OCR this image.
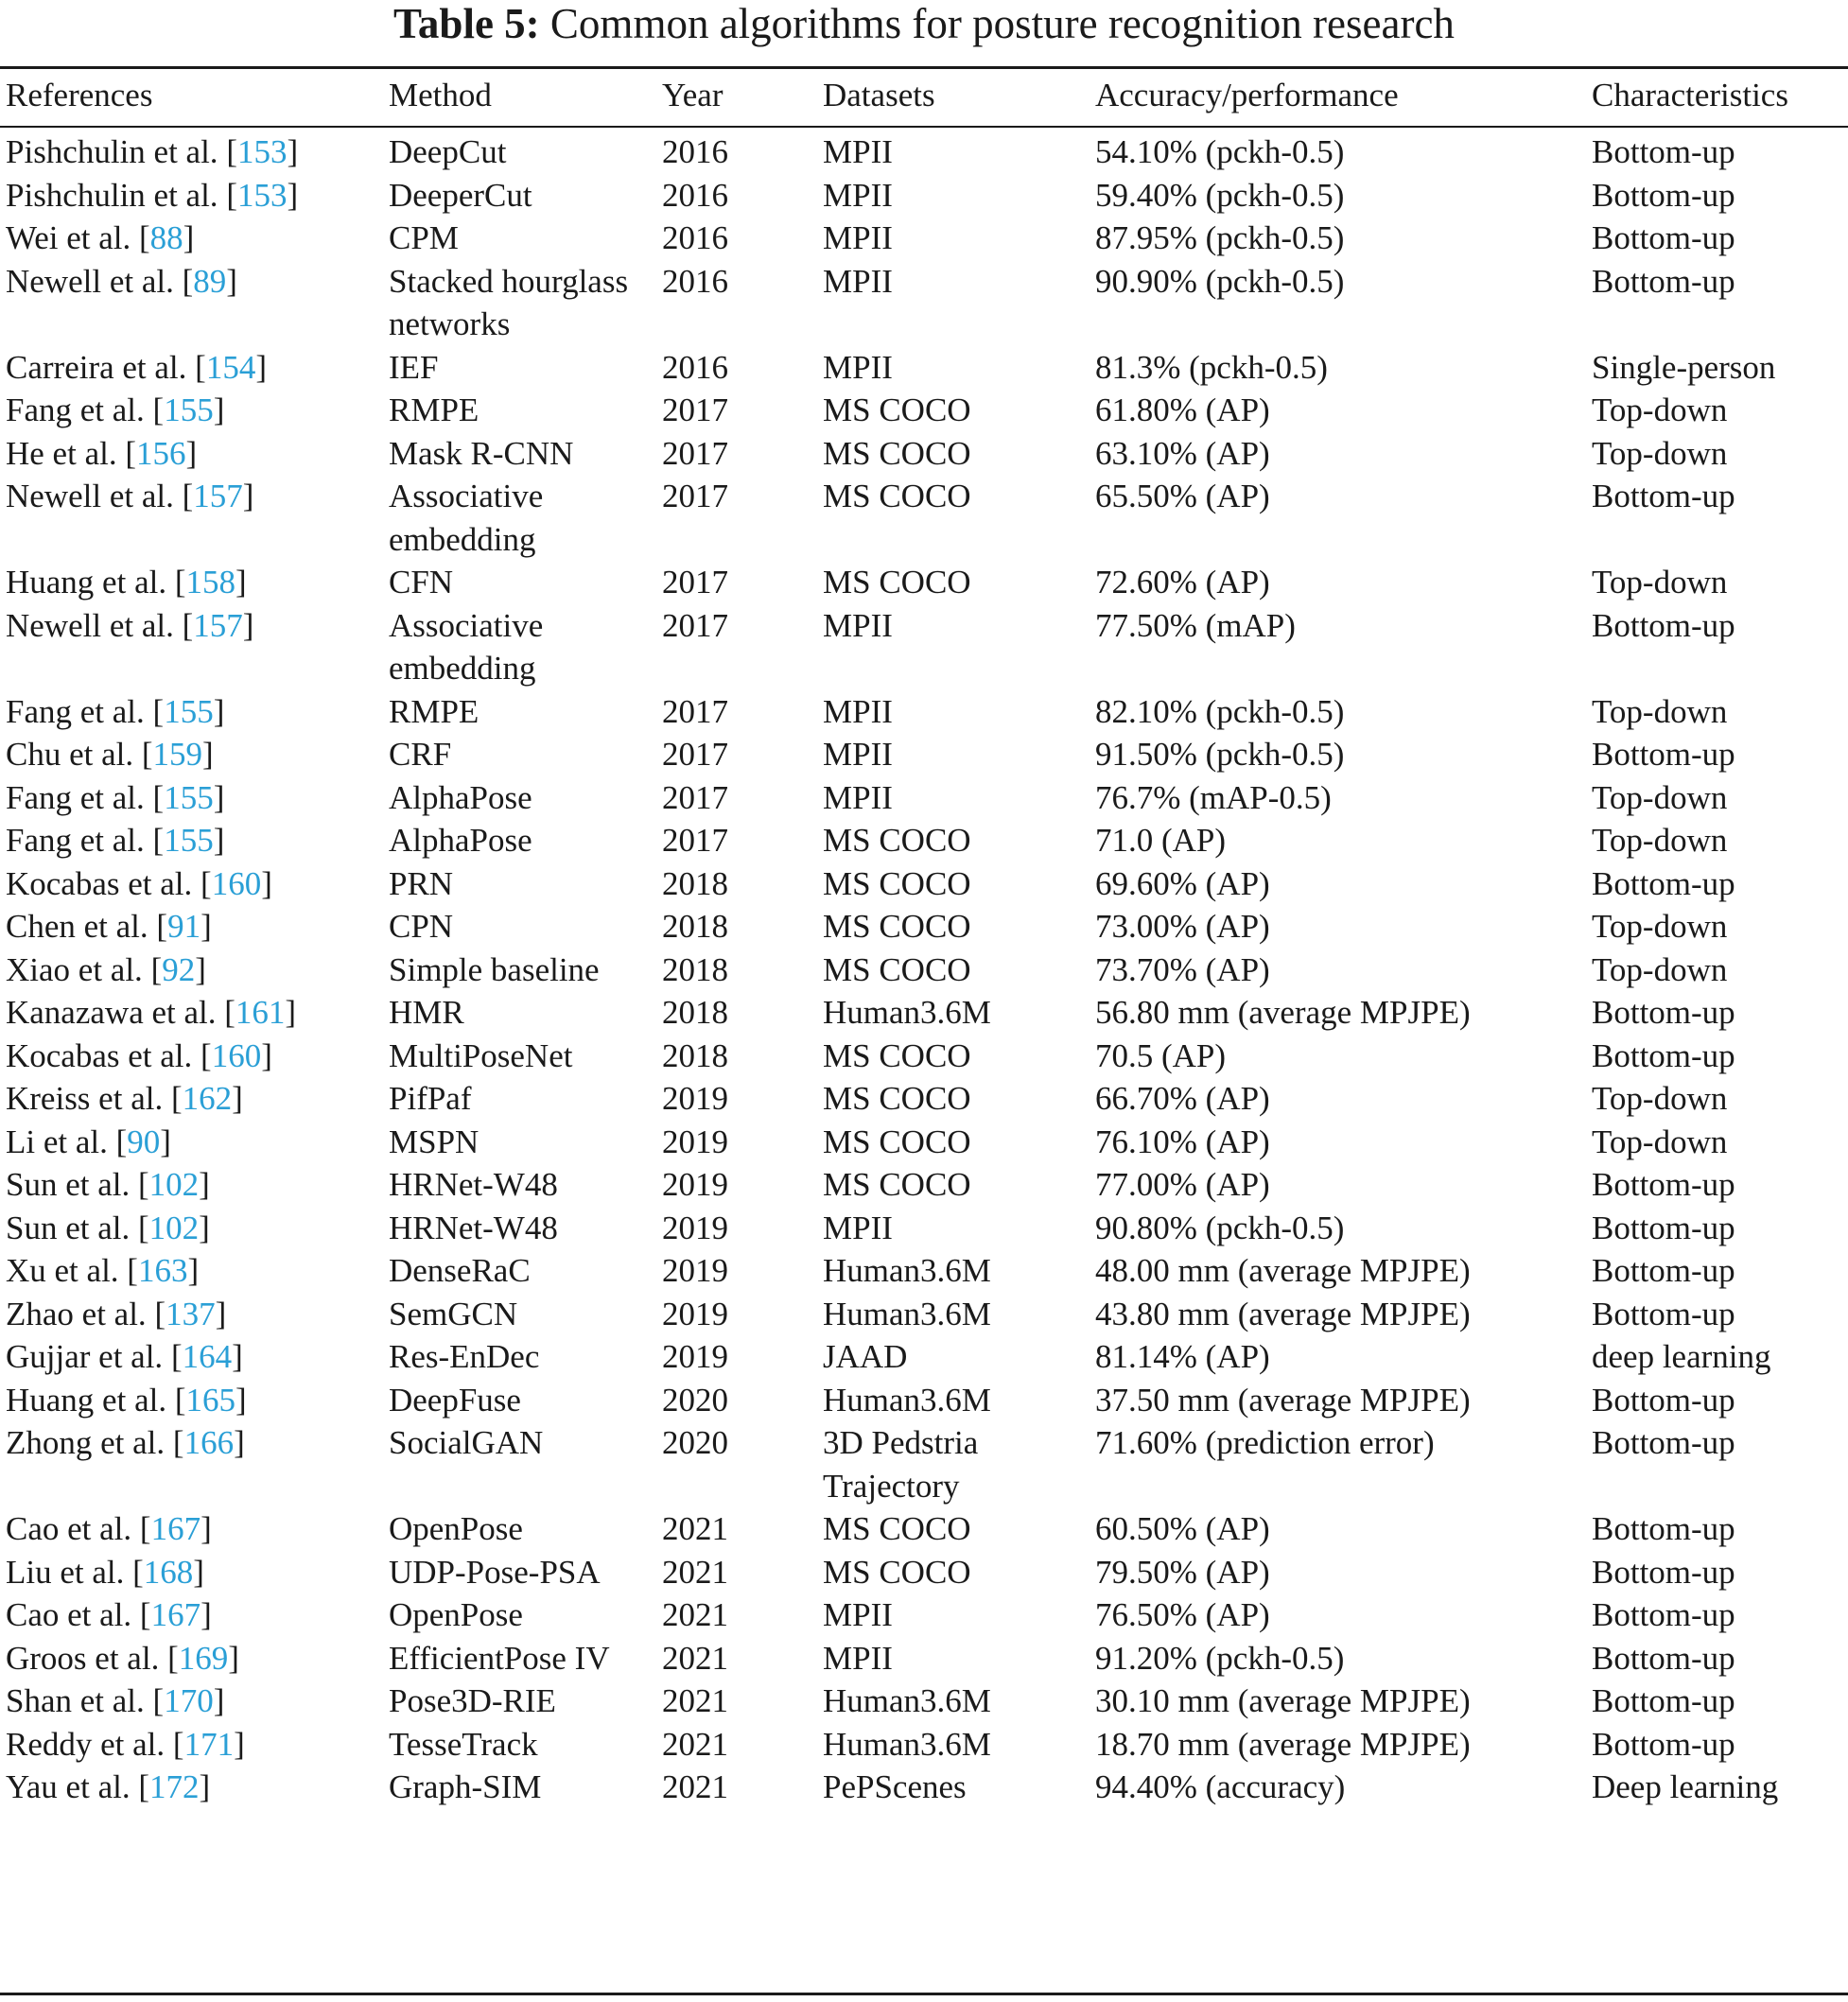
Table 5: Common algorithms for posture recognition research
References	Method	Year	Datasets	Accuracy/performance	Characteristics
Pishchulin et al. [153]	DeepCut	2016	MPII	54.10% (pckh-0.5)	Bottom-up
Pishchulin et al. [153]	DeeperCut	2016	MPII	59.40% (pckh-0.5)	Bottom-up
Wei et al. [88]	CPM	2016	MPII	87.95% (pckh-0.5)	Bottom-up
Newell et al. [89]	Stacked hourglass networks	2016	MPII	90.90% (pckh-0.5)	Bottom-up
Carreira et al. [154]	IEF	2016	MPII	81.3% (pckh-0.5)	Single-person
Fang et al. [155]	RMPE	2017	MS COCO	61.80% (AP)	Top-down
He et al. [156]	Mask R-CNN	2017	MS COCO	63.10% (AP)	Top-down
Newell et al. [157]	Associative embedding	2017	MS COCO	65.50% (AP)	Bottom-up
Huang et al. [158]	CFN	2017	MS COCO	72.60% (AP)	Top-down
Newell et al. [157]	Associative embedding	2017	MPII	77.50% (mAP)	Bottom-up
Fang et al. [155]	RMPE	2017	MPII	82.10% (pckh-0.5)	Top-down
Chu et al. [159]	CRF	2017	MPII	91.50% (pckh-0.5)	Bottom-up
Fang et al. [155]	AlphaPose	2017	MPII	76.7% (mAP-0.5)	Top-down
Fang et al. [155]	AlphaPose	2017	MS COCO	71.0 (AP)	Top-down
Kocabas et al. [160]	PRN	2018	MS COCO	69.60% (AP)	Bottom-up
Chen et al. [91]	CPN	2018	MS COCO	73.00% (AP)	Top-down
Xiao et al. [92]	Simple baseline	2018	MS COCO	73.70% (AP)	Top-down
Kanazawa et al. [161]	HMR	2018	Human3.6M	56.80 mm (average MPJPE)	Bottom-up
Kocabas et al. [160]	MultiPoseNet	2018	MS COCO	70.5 (AP)	Bottom-up
Kreiss et al. [162]	PifPaf	2019	MS COCO	66.70% (AP)	Top-down
Li et al. [90]	MSPN	2019	MS COCO	76.10% (AP)	Top-down
Sun et al. [102]	HRNet-W48	2019	MS COCO	77.00% (AP)	Bottom-up
Sun et al. [102]	HRNet-W48	2019	MPII	90.80% (pckh-0.5)	Bottom-up
Xu et al. [163]	DenseRaC	2019	Human3.6M	48.00 mm (average MPJPE)	Bottom-up
Zhao et al. [137]	SemGCN	2019	Human3.6M	43.80 mm (average MPJPE)	Bottom-up
Gujjar et al. [164]	Res-EnDec	2019	JAAD	81.14% (AP)	deep learning
Huang et al. [165]	DeepFuse	2020	Human3.6M	37.50 mm (average MPJPE)	Bottom-up
Zhong et al. [166]	SocialGAN	2020	3D Pedstria Trajectory	71.60% (prediction error)	Bottom-up
Cao et al. [167]	OpenPose	2021	MS COCO	60.50% (AP)	Bottom-up
Liu et al. [168]	UDP-Pose-PSA	2021	MS COCO	79.50% (AP)	Bottom-up
Cao et al. [167]	OpenPose	2021	MPII	76.50% (AP)	Bottom-up
Groos et al. [169]	EfficientPose IV	2021	MPII	91.20% (pckh-0.5)	Bottom-up
Shan et al. [170]	Pose3D-RIE	2021	Human3.6M	30.10 mm (average MPJPE)	Bottom-up
Reddy et al. [171]	TesseTrack	2021	Human3.6M	18.70 mm (average MPJPE)	Bottom-up
Yau et al. [172]	Graph-SIM	2021	PePScenes	94.40% (accuracy)	Deep learning
